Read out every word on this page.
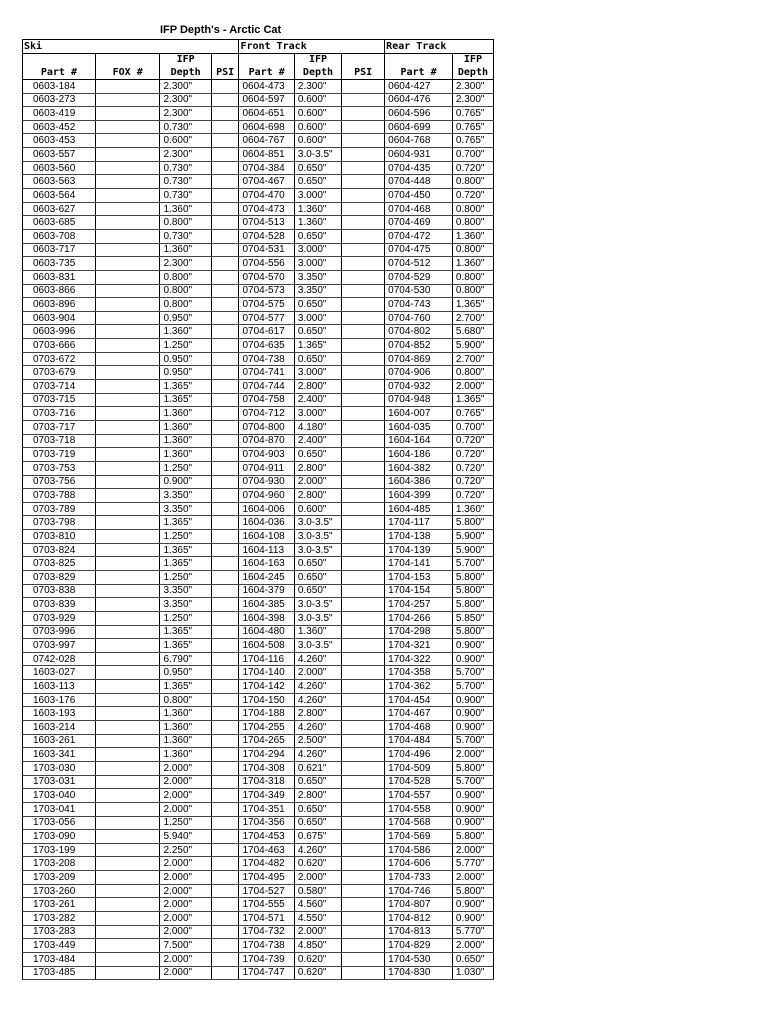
IFP Depth's - Arctic Cat
Ski				Front Track			Rear Track	
		IFP			IFP			IFP
Part #	FOX #	Depth	PSI	Part #	Depth	PSI	Part #	Depth
0603-184		2.300"		0604-473	2.300"		0604-427	2.300"
0603-273		2.300"		0604-597	0.600"		0604-476	2.300"
0603-419		2.300"		0604-651	0.600"		0604-596	0.765"
0603-452		0.730"		0604-698	0.600"		0604-699	0.765"
0603-453		0.600"		0604-767	0.600"		0604-768	0.765"
0603-557		2.300"		0604-851	3.0-3.5"		0604-931	0.700"
0603-560		0.730"		0704-384	0.650"		0704-435	0.720"
0603-563		0.730"		0704-467	0.650"		0704-448	0.800"
0603-564		0.730"		0704-470	3.000"		0704-450	0.720"
0603-627		1.360"		0704-473	1.360"		0704-468	0.800"
0603-685		0.800"		0704-513	1.360"		0704-469	0.800"
0603-708		0.730"		0704-528	0.650"		0704-472	1.360"
0603-717		1.360"		0704-531	3.000"		0704-475	0.800"
0603-735		2.300"		0704-556	3.000"		0704-512	1.360"
0603-831		0.800"		0704-570	3.350"		0704-529	0.800"
0603-866		0.800"		0704-573	3.350"		0704-530	0.800"
0603-896		0.800"		0704-575	0.650"		0704-743	1.365"
0603-904		0.950"		0704-577	3.000"		0704-760	2.700"
0603-996		1.360"		0704-617	0.650"		0704-802	5.680"
0703-666		1.250"		0704-635	1.365"		0704-852	5.900"
0703-672		0.950"		0704-738	0.650"		0704-869	2.700"
0703-679		0.950"		0704-741	3.000"		0704-906	0.800"
0703-714		1.365"		0704-744	2.800"		0704-932	2.000"
0703-715		1.365"		0704-758	2.400"		0704-948	1.365"
0703-716		1.360"		0704-712	3.000"		1604-007	0.765"
0703-717		1.360"		0704-800	4.180"		1604-035	0.700"
0703-718		1.360"		0704-870	2.400"		1604-164	0.720"
0703-719		1.360"		0704-903	0.650"		1604-186	0.720"
0703-753		1.250"		0704-911	2.800"		1604-382	0.720"
0703-756		0.900"		0704-930	2.000"		1604-386	0.720"
0703-788		3.350"		0704-960	2.800"		1604-399	0.720"
0703-789		3.350"		1604-006	0.600"		1604-485	1.360"
0703-798		1.365"		1604-036	3.0-3.5"		1704-117	5.800"
0703-810		1.250"		1604-108	3.0-3.5"		1704-138	5.900"
0703-824		1.365"		1604-113	3.0-3.5"		1704-139	5.900"
0703-825		1.365"		1604-163	0.650"		1704-141	5.700"
0703-829		1.250"		1604-245	0.650"		1704-153	5.800"
0703-838		3.350"		1604-379	0.650"		1704-154	5.800"
0703-839		3.350"		1604-385	3.0-3.5"		1704-257	5.800"
0703-929		1.250"		1604-398	3.0-3.5"		1704-266	5.850"
0703-996		1.365"		1604-480	1.360"		1704-298	5.800"
0703-997		1.365"		1604-508	3.0-3.5"		1704-321	0.900"
0742-028		6.790"		1704-116	4.260"		1704-322	0.900"
1603-027		0.950"		1704-140	2.000"		1704-358	5.700"
1603-113		1.365"		1704-142	4.260"		1704-362	5.700"
1603-176		0.800"		1704-150	4.260"		1704-454	0.900"
1603-193		1.360"		1704-188	2.800"		1704-467	0.900"
1603-214		1.360"		1704-255	4.260"		1704-468	0.900"
1603-261		1.360"		1704-265	2.500"		1704-484	5.700"
1603-341		1.360"		1704-294	4.260"		1704-496	2.000"
1703-030		2.000"		1704-308	0.621"		1704-509	5.800"
1703-031		2.000"		1704-318	0.650"		1704-528	5.700"
1703-040		2.000"		1704-349	2.800"		1704-557	0.900"
1703-041		2.000"		1704-351	0.650"		1704-558	0.900"
1703-056		1.250"		1704-356	0.650"		1704-568	0.900"
1703-090		5.940"		1704-453	0.675"		1704-569	5.800"
1703-199		2.250"		1704-463	4.260"		1704-586	2.000"
1703-208		2.000"		1704-482	0.620"		1704-606	5.770"
1703-209		2.000"		1704-495	2.000"		1704-733	2.000"
1703-260		2.000"		1704-527	0.580"		1704-746	5.800"
1703-261		2.000"		1704-555	4.560"		1704-807	0.900"
1703-282		2.000"		1704-571	4.550"		1704-812	0.900"
1703-283		2.000"		1704-732	2.000"		1704-813	5.770"
1703-449		7.500"		1704-738	4.850"		1704-829	2.000"
1703-484		2.000"		1704-739	0.620"		1704-530	0.650"
1703-485		2.000"		1704-747	0.620"		1704-830	1.030"
